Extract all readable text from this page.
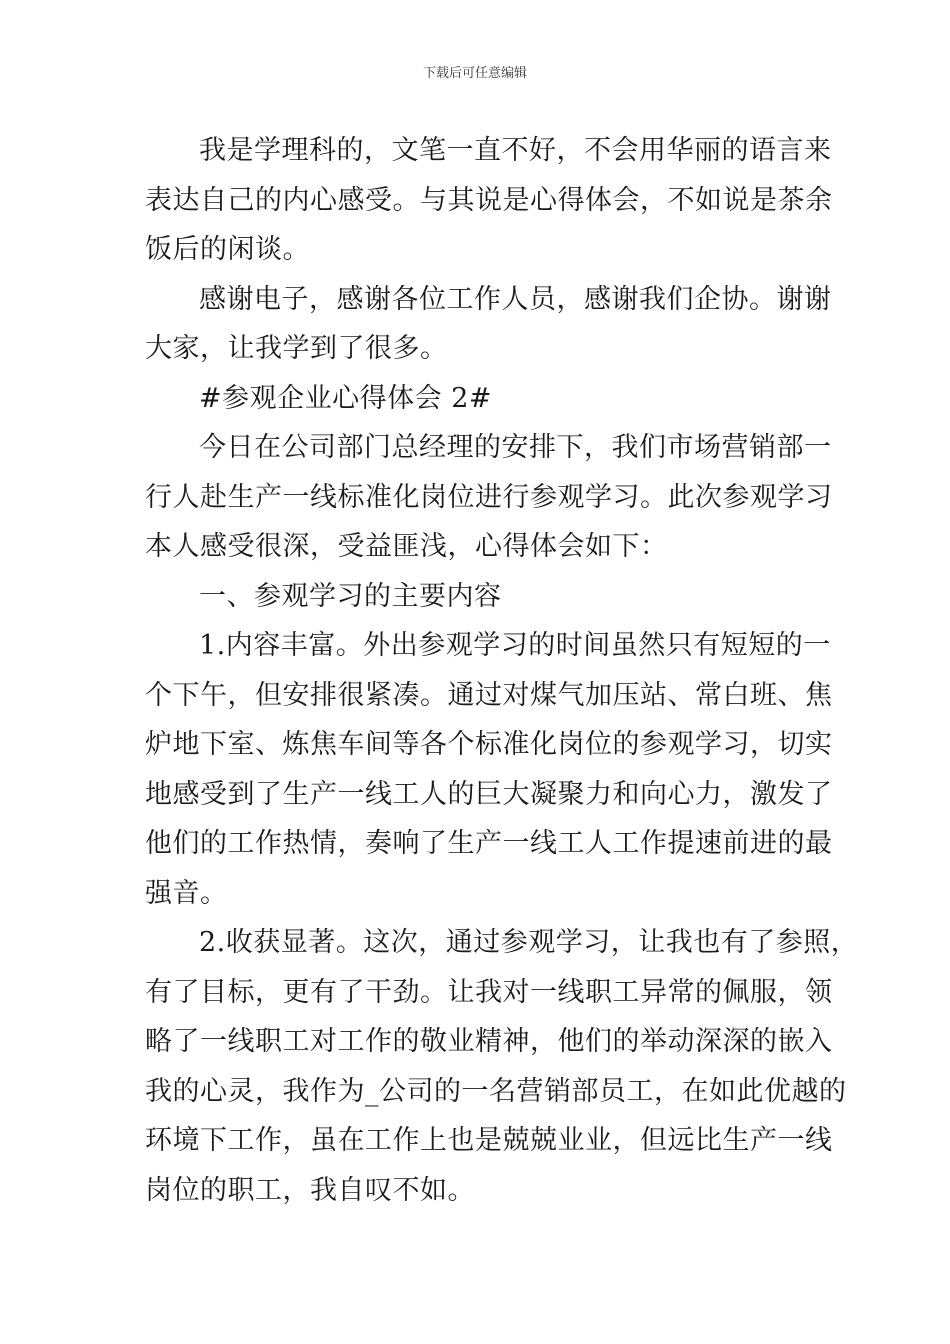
下载后可任意编辑

我是学理科的，文笔一直不好，不会用华丽的语言来
表达自己的内心感受。与其说是心得体会，不如说是茶余
饭后的闲谈。

感谢电子，感谢各位工作人员，感谢我们企协。谢谢
大家，让我学到了很多。

#参观企业心得体会 2#

今日在公司部门总经理的安排下，我们市场营销部一
行人赴生产一线标准化岗位进行参观学习。此次参观学习
本人感受很深，受益匪浅，心得体会如下：

一、参观学习的主要内容

1.内容丰富。外出参观学习的时间虽然只有短短的一
个下午，但安排很紧凑。通过对煤气加压站、常白班、焦
炉地下室、炼焦车间等各个标准化岗位的参观学习，切实
地感受到了生产一线工人的巨大凝聚力和向心力，激发了
他们的工作热情，奏响了生产一线工人工作提速前进的最
强音。

2.收获显著。这次，通过参观学习，让我也有了参照，
有了目标，更有了干劲。让我对一线职工异常的佩服，领
略了一线职工对工作的敬业精神，他们的举动深深的嵌入
我的心灵，我作为_公司的一名营销部员工，在如此优越的
环境下工作，虽在工作上也是兢兢业业，但远比生产一线
岗位的职工，我自叹不如。
